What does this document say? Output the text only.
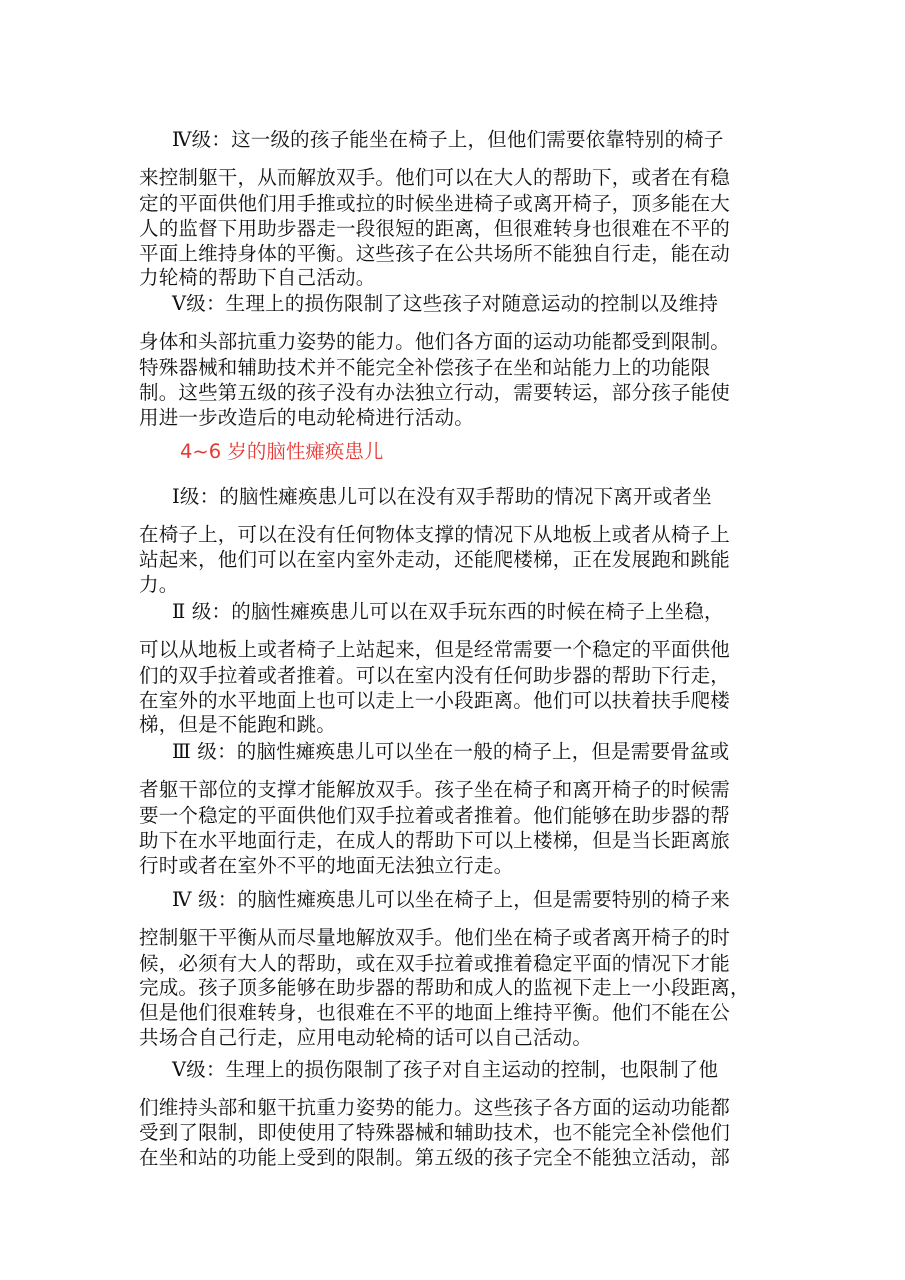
Ⅳ级：这一级的孩子能坐在椅子上，但他们需要依靠特别的椅子
来控制躯干，从而解放双手。他们可以在大人的帮助下，或者在有稳
定的平面供他们用手推或拉的时候坐进椅子或离开椅子，顶多能在大
人的监督下用助步器走一段很短的距离，但很难转身也很难在不平的
平面上维持身体的平衡。这些孩子在公共场所不能独自行走，能在动
力轮椅的帮助下自己活动。
Ⅴ级：生理上的损伤限制了这些孩子对随意运动的控制以及维持
身体和头部抗重力姿势的能力。他们各方面的运动功能都受到限制。
特殊器械和辅助技术并不能完全补偿孩子在坐和站能力上的功能限
制。这些第五级的孩子没有办法独立行动，需要转运，部分孩子能使
用进一步改造后的电动轮椅进行活动。
4~6 岁的脑性瘫痪患儿
Ⅰ级：的脑性瘫痪患儿可以在没有双手帮助的情况下离开或者坐
在椅子上，可以在没有任何物体支撑的情况下从地板上或者从椅子上
站起来，他们可以在室内室外走动，还能爬楼梯，正在发展跑和跳能
力。
Ⅱ 级：的脑性瘫痪患儿可以在双手玩东西的时候在椅子上坐稳，
可以从地板上或者椅子上站起来，但是经常需要一个稳定的平面供他
们的双手拉着或者推着。可以在室内没有任何助步器的帮助下行走，
在室外的水平地面上也可以走上一小段距离。他们可以扶着扶手爬楼
梯，但是不能跑和跳。
Ⅲ 级：的脑性瘫痪患儿可以坐在一般的椅子上，但是需要骨盆或
者躯干部位的支撑才能解放双手。孩子坐在椅子和离开椅子的时候需
要一个稳定的平面供他们双手拉着或者推着。他们能够在助步器的帮
助下在水平地面行走，在成人的帮助下可以上楼梯，但是当长距离旅
行时或者在室外不平的地面无法独立行走。
Ⅳ 级：的脑性瘫痪患儿可以坐在椅子上，但是需要特别的椅子来
控制躯干平衡从而尽量地解放双手。他们坐在椅子或者离开椅子的时
候，必须有大人的帮助，或在双手拉着或推着稳定平面的情况下才能
完成。孩子顶多能够在助步器的帮助和成人的监视下走上一小段距离，
但是他们很难转身，也很难在不平的地面上维持平衡。他们不能在公
共场合自己行走，应用电动轮椅的话可以自己活动。
Ⅴ级：生理上的损伤限制了孩子对自主运动的控制，也限制了他
们维持头部和躯干抗重力姿势的能力。这些孩子各方面的运动功能都
受到了限制，即使使用了特殊器械和辅助技术，也不能完全补偿他们
在坐和站的功能上受到的限制。第五级的孩子完全不能独立活动，部
